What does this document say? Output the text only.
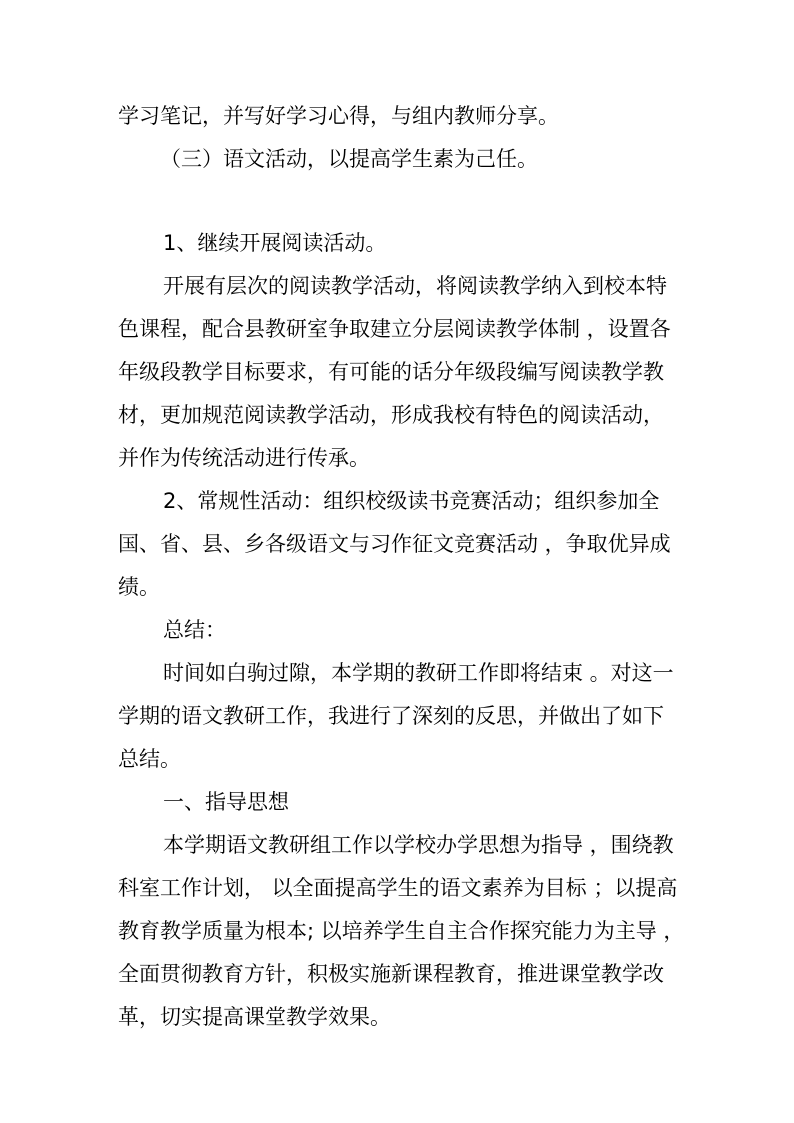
学习笔记，并写好学习心得，与组内教师分享。
（三）语文活动，以提高学生素为己任。
1、继续开展阅读活动。
开展有层次的阅读教学活动，将阅读教学纳入到校本特
色课程，配合县教研室争取建立分层阅读教学体制 ，设置各
年级段教学目标要求，有可能的话分年级段编写阅读教学教
材，更加规范阅读教学活动，形成我校有特色的阅读活动，
并作为传统活动进行传承。
2、常规性活动：组织校级读书竞赛活动；组织参加全
国、省、县、乡各级语文与习作征文竞赛活动 ，争取优异成
绩。
总结：
时间如白驹过隙，本学期的教研工作即将结束 。对这一
学期的语文教研工作，我进行了深刻的反思，并做出了如下
总结。
一、指导思想
本学期语文教研组工作以学校办学思想为指导 ，围绕教
科室工作计划， 以全面提高学生的语文素养为目标 ；以提高
教育教学质量为根本; 以培养学生自主合作探究能力为主导 ，
全面贯彻教育方针，积极实施新课程教育，推进课堂教学改
革，切实提高课堂教学效果。
